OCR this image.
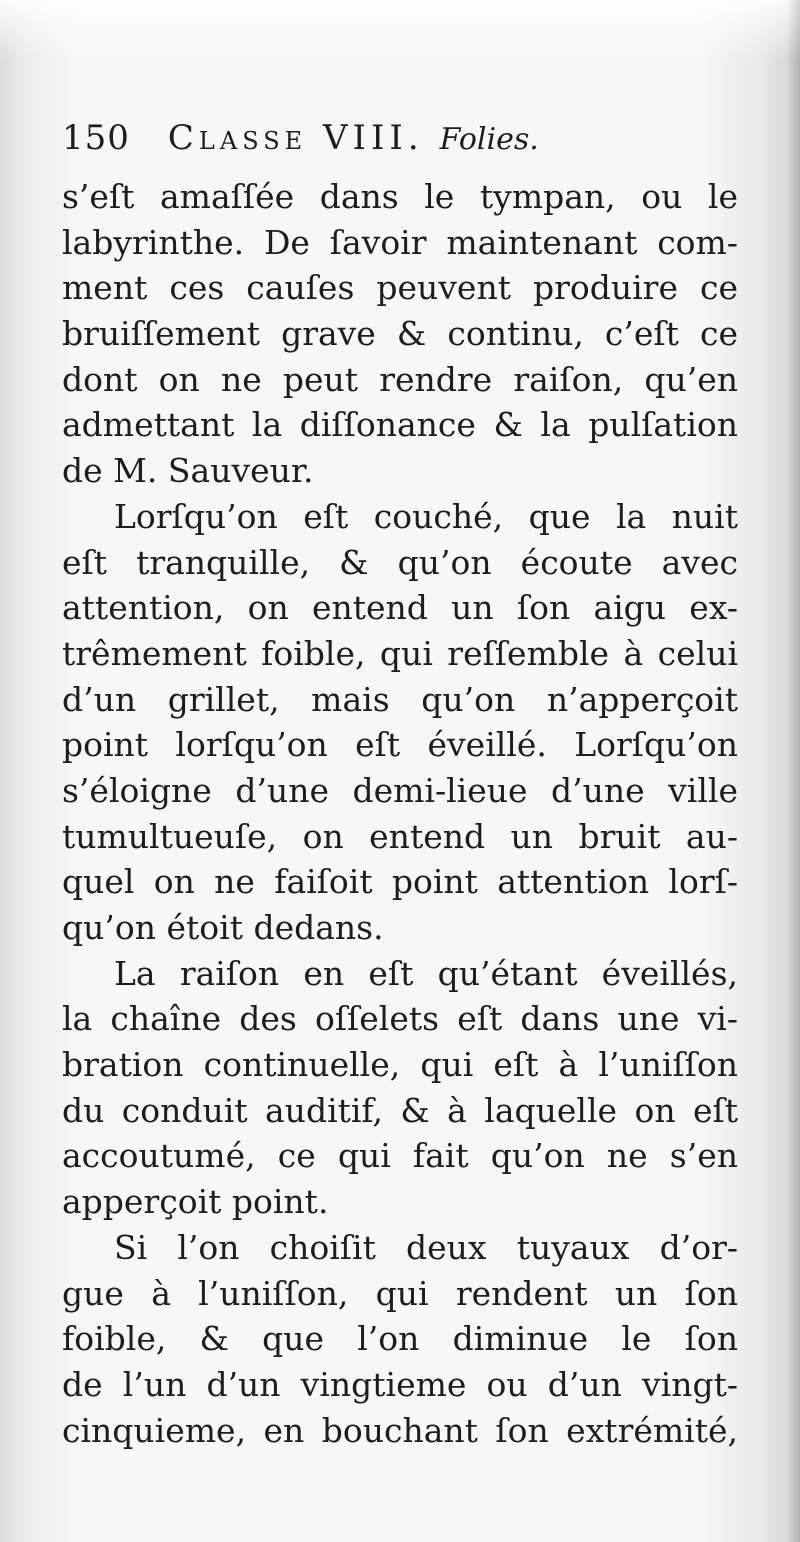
150 Classe VIII. Folies.
s’eſt amaſſée dans le tympan, ou le
labyrinthe. De ſavoir maintenant com-
ment ces cauſes peuvent produire ce
bruiſſement grave & continu, c’eſt ce
dont on ne peut rendre raiſon, qu’en
admettant la diſſonance & la pulſation
de M. Sauveur.
Lorſqu’on eſt couché, que la nuit
eſt tranquille, & qu’on écoute avec
attention, on entend un ſon aigu ex-
trêmement foible, qui reſſemble à celui
d’un grillet, mais qu’on n’apperçoit
point lorſqu’on eſt éveillé. Lorſqu’on
s’éloigne d’une demi-lieue d’une ville
tumultueuſe, on entend un bruit au-
quel on ne faiſoit point attention lorſ-
qu’on étoit dedans.
La raiſon en eſt qu’étant éveillés,
la chaîne des oſſelets eſt dans une vi-
bration continuelle, qui eſt à l’uniſſon
du conduit auditif, & à laquelle on eſt
accoutumé, ce qui fait qu’on ne s’en
apperçoit point.
Si l’on choiſit deux tuyaux d’or-
gue à l’uniſſon, qui rendent un ſon
foible, & que l’on diminue le ſon
de l’un d’un vingtieme ou d’un vingt-
cinquieme, en bouchant ſon extrémité,
